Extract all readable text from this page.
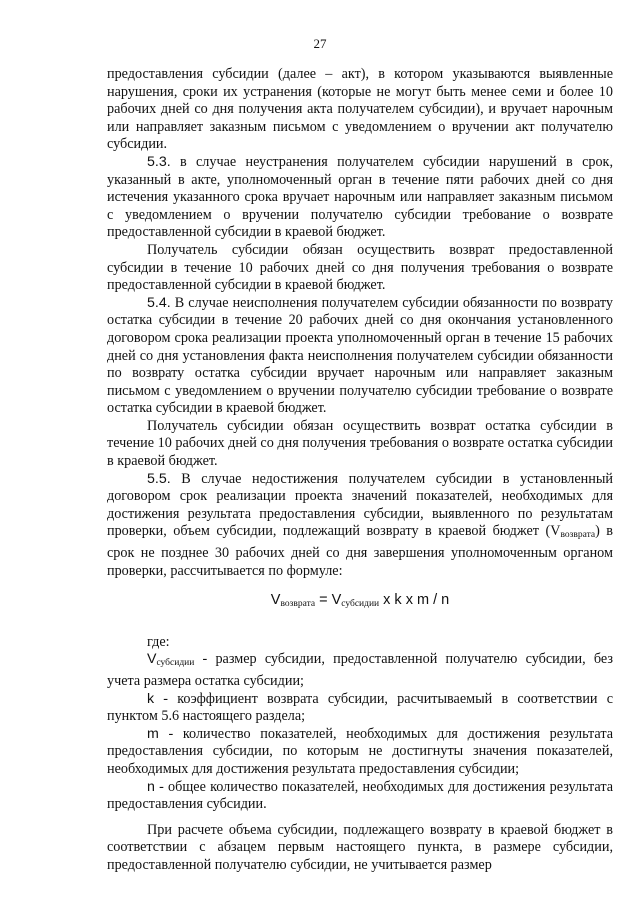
27

предоставления субсидии (далее – акт), в котором указываются выявленные нарушения, сроки их устранения (которые не могут быть менее семи и более 10 рабочих дней со дня получения акта получателем субсидии), и вручает нарочным или направляет заказным письмом с уведомлением о вручении акт получателю субсидии.

5.3. в случае неустранения получателем субсидии нарушений в срок, указанный в акте, уполномоченный орган в течение пяти рабочих дней со дня истечения указанного срока вручает нарочным или направляет заказным письмом с уведомлением о вручении получателю субсидии требование о возврате предоставленной субсидии в краевой бюджет.

Получатель субсидии обязан осуществить возврат предоставленной субсидии в течение 10 рабочих дней со дня получения требования о возврате предоставленной субсидии в краевой бюджет.

5.4. В случае неисполнения получателем субсидии обязанности по возврату остатка субсидии в течение 20 рабочих дней со дня окончания установленного договором срока реализации проекта уполномоченный орган в течение 15 рабочих дней со дня установления факта неисполнения получателем субсидии обязанности по возврату остатка субсидии вручает нарочным или направляет заказным письмом с уведомлением о вручении получателю субсидии требование о возврате остатка субсидии в краевой бюджет.

Получатель субсидии обязан осуществить возврат остатка субсидии в течение 10 рабочих дней со дня получения требования о возврате остатка субсидии в краевой бюджет.

5.5. В случае недостижения получателем субсидии в установленный договором срок реализации проекта значений показателей, необходимых для достижения результата предоставления субсидии, выявленного по результатам проверки, объем субсидии, подлежащий возврату в краевой бюджет $(V_{возврата})$ в срок не позднее 30 рабочих дней со дня завершения уполномоченным органом проверки, рассчитывается по формуле:

$V_{возврата} = V_{субсидии}$ x k x m / n

где:

$V_{субсидии}$ - размер субсидии, предоставленной получателю субсидии, без учета размера остатка субсидии;

k - коэффициент возврата субсидии, расчитываемый в соответствии с пунктом 5.6 настоящего раздела;

m - количество показателей, необходимых для достижения результата предоставления субсидии, по которым не достигнуты значения показателей, необходимых для достижения результата предоставления субсидии;

n - общее количество показателей, необходимых для достижения результата предоставления субсидии.

При расчете объема субсидии, подлежащего возврату в краевой бюджет в соответствии с абзацем первым настоящего пункта, в размере субсидии, предоставленной получателю субсидии, не учитывается размер
